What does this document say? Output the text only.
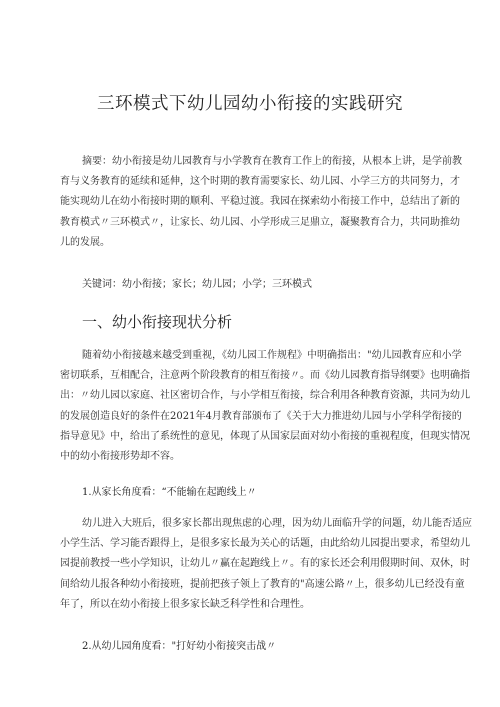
三环模式下幼儿园幼小衔接的实践研究
摘要：幼小衔接是幼儿园教育与小学教育在教育工作上的衔接，从根本上讲，是学前教
育与义务教育的延续和延伸，这个时期的教育需要家长、幼儿园、小学三方的共同努力，才
能实现幼儿在幼小衔接时期的顺利、平稳过渡。我园在探索幼小衔接工作中，总结出了新的
教育模式〃三环模式〃，让家长、幼儿园、小学形成三足鼎立，凝聚教育合力，共同助推幼
儿的发展。

关键词：幼小衔接；家长；幼儿园；小学；三环模式

一、幼小衔接现状分析
随着幼小衔接越来越受到重视，《幼儿园工作规程》中明确指出："幼儿园教育应和小学
密切联系，互相配合，注意两个阶段教育的相互衔接〃。而《幼儿园教育指导纲要》也明确指
出：〃幼儿园以家庭、社区密切合作，与小学相互衔接，综合利用各种教育资源，共同为幼儿
的发展创造良好的条件在2021年4月教育部颁布了《关于大力推进幼儿园与小学科学衔接的
指导意见》中，给出了系统性的意见，体现了从国家层面对幼小衔接的重视程度，但现实情况
中的幼小衔接形势却不容。

1.从家长角度看：“不能输在起跑线上〃

幼儿进入大班后，很多家长都出现焦虑的心理，因为幼儿面临升学的问题，幼儿能否适应
小学生活、学习能否跟得上，是很多家长最为关心的话题，由此给幼儿园提出要求，希望幼儿
园提前教授一些小学知识，让幼儿〃赢在起跑线上〃。有的家长还会利用假期时间、双休，时
间给幼儿报各种幼小衔接班，提前把孩子领上了教育的"高速公路〃上，很多幼儿已经没有童
年了，所以在幼小衔接上很多家长缺乏科学性和合理性。

2.从幼儿园角度看："打好幼小衔接突击战〃
